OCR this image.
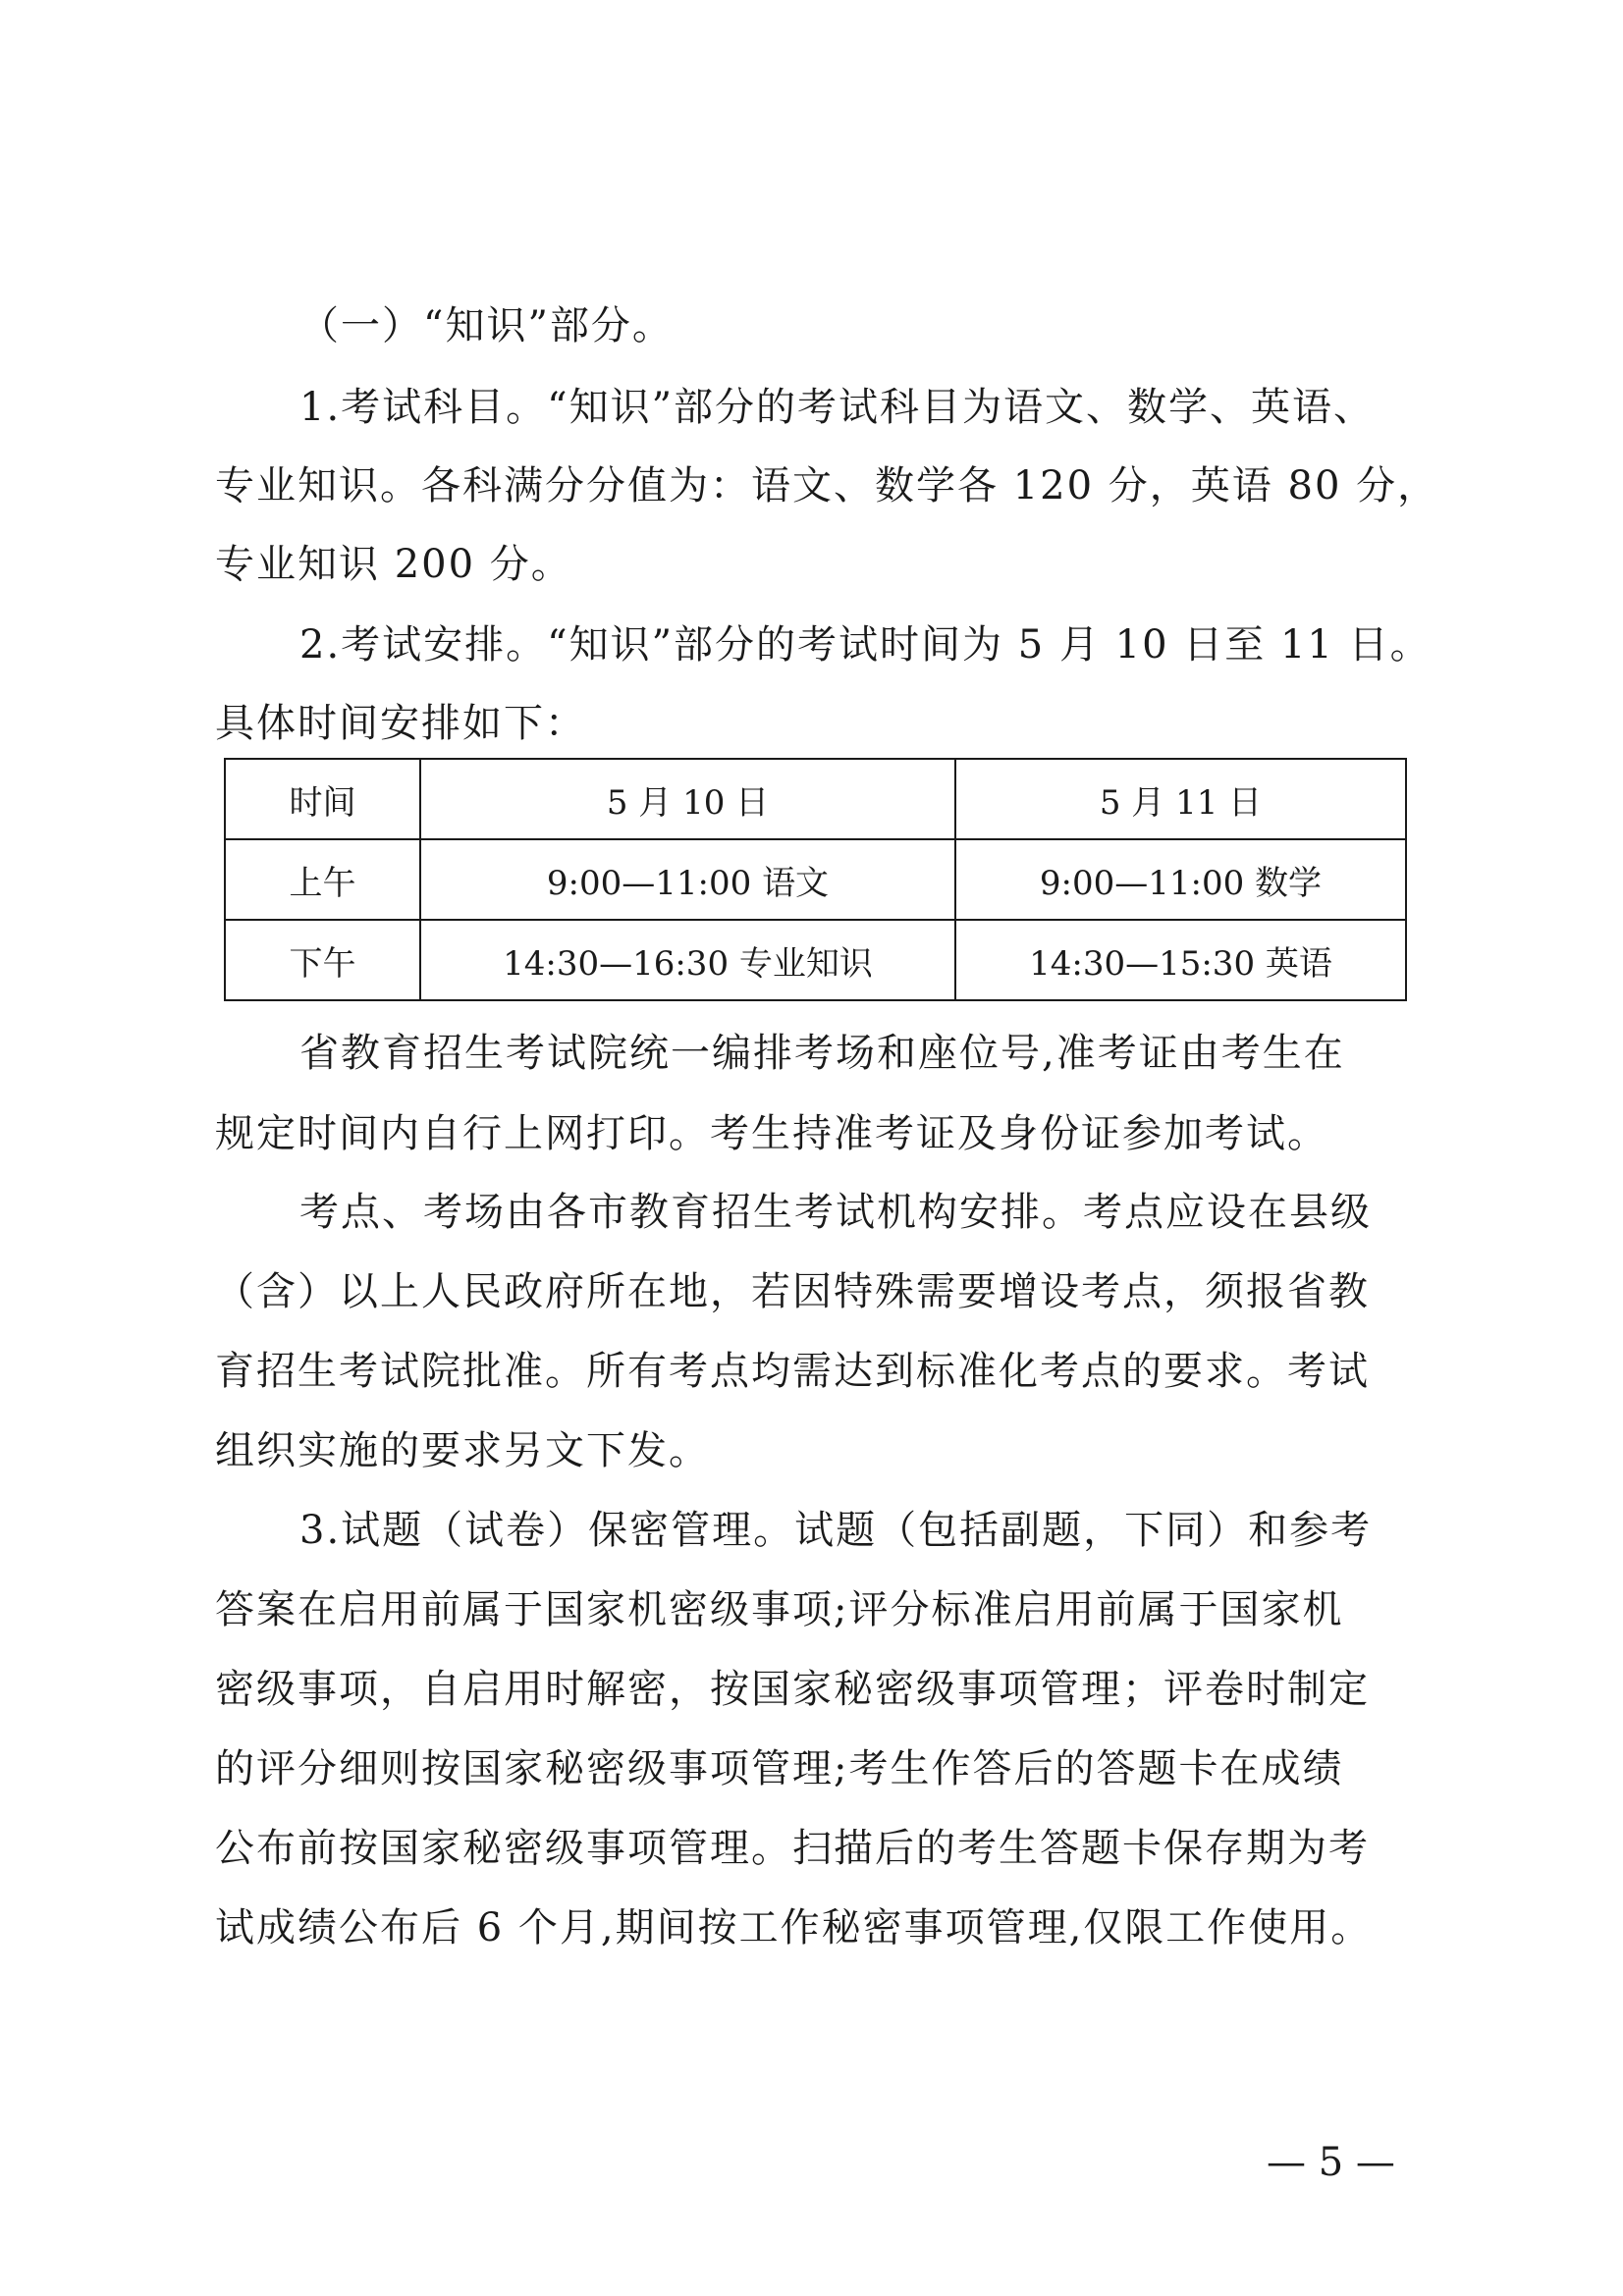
（一）“知识”部分。
1.考试科目。“知识”部分的考试科目为语文、数学、英语、
专业知识。各科满分分值为：语文、数学各 120 分，英语 80 分，
专业知识 200 分。
2.考试安排。“知识”部分的考试时间为 5 月 10 日至 11 日。
具体时间安排如下：
时间	5 月 10 日	5 月 11 日
上午	9:00—11:00 语文	9:00—11:00 数学
下午	14:30—16:30 专业知识	14:30—15:30 英语
省教育招生考试院统一编排考场和座位号,准考证由考生在
规定时间内自行上网打印。考生持准考证及身份证参加考试。
考点、考场由各市教育招生考试机构安排。考点应设在县级
（含）以上人民政府所在地，若因特殊需要增设考点，须报省教
育招生考试院批准。所有考点均需达到标准化考点的要求。考试
组织实施的要求另文下发。
3.试题（试卷）保密管理。试题（包括副题，下同）和参考
答案在启用前属于国家机密级事项;评分标准启用前属于国家机
密级事项，自启用时解密，按国家秘密级事项管理；评卷时制定
的评分细则按国家秘密级事项管理;考生作答后的答题卡在成绩
公布前按国家秘密级事项管理。扫描后的考生答题卡保存期为考
试成绩公布后 6 个月,期间按工作秘密事项管理,仅限工作使用。
— 5 —
